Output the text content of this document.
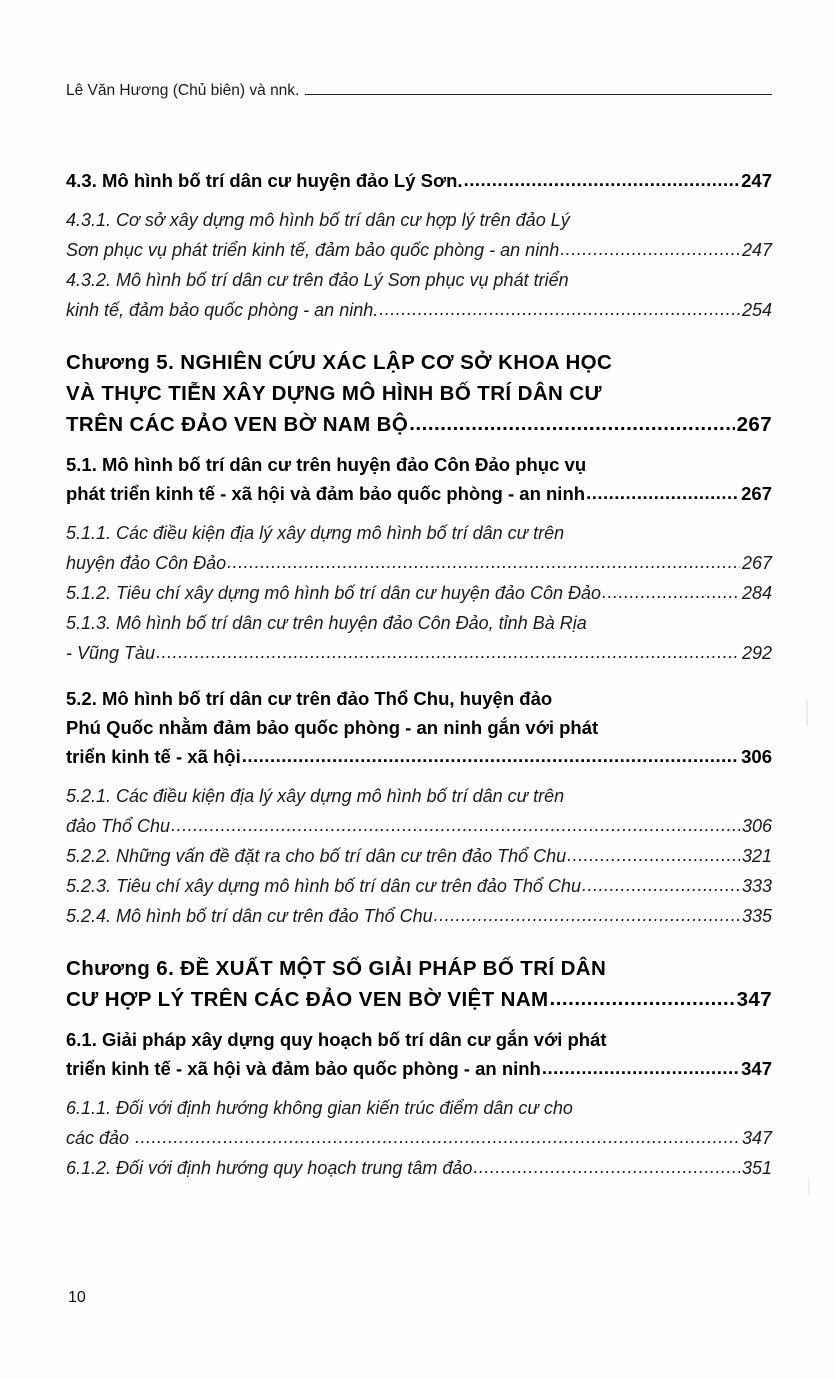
Lê Văn Hương (Chủ biên) và nnk.
4.3. Mô hình bố trí dân cư huyện đảo Lý Sơn. .....	247
4.3.1. Cơ sở xây dựng mô hình bố trí dân cư hợp lý trên đảo Lý
Sơn phục vụ phát triển kinh tế, đảm bảo quốc phòng - an ninh .....	247
4.3.2. Mô hình bố trí dân cư trên đảo Lý Sơn phục vụ phát triển
kinh tế, đảm bảo quốc phòng - an ninh. .....	254
Chương 5. NGHIÊN CỨU XÁC LẬP CƠ SỞ KHOA HỌC
VÀ THỰC TIỄN XÂY DỰNG MÔ HÌNH BỐ TRÍ DÂN CƯ
TRÊN CÁC ĐẢO VEN BỜ NAM BỘ .....	267
5.1. Mô hình bố trí dân cư trên huyện đảo Côn Đảo phục vụ
phát triển kinh tế - xã hội và đảm bảo quốc phòng - an ninh .....	267
5.1.1. Các điều kiện địa lý xây dựng mô hình bố trí dân cư trên
huyện đảo Côn Đảo .....	267
5.1.2. Tiêu chí xây dựng mô hình bố trí dân cư huyện đảo Côn Đảo .....	284
5.1.3. Mô hình bố trí dân cư trên huyện đảo Côn Đảo, tỉnh Bà Rịa
- Vũng Tàu .....	292
5.2. Mô hình bố trí dân cư trên đảo Thổ Chu, huyện đảo
Phú Quốc nhằm đảm bảo quốc phòng - an ninh gắn với phát
triển kinh tế - xã hội .....	306
5.2.1. Các điều kiện địa lý xây dựng mô hình bố trí dân cư trên
đảo Thổ Chu .....	306
5.2.2. Những vấn đề đặt ra cho bố trí dân cư trên đảo Thổ Chu .....	321
5.2.3. Tiêu chí xây dựng mô hình bố trí dân cư trên đảo Thổ Chu .....	333
5.2.4. Mô hình bố trí dân cư trên đảo Thổ Chu .....	335
Chương 6. ĐỀ XUẤT MỘT SỐ GIẢI PHÁP BỐ TRÍ DÂN
CƯ HỢP LÝ TRÊN CÁC ĐẢO VEN BỜ VIỆT NAM .....	347
6.1. Giải pháp xây dựng quy hoạch bố trí dân cư gắn với phát
triển kinh tế - xã hội và đảm bảo quốc phòng - an ninh .....	347
6.1.1. Đối với định hướng không gian kiến trúc điểm dân cư cho
các đảo .....	347
6.1.2. Đối với định hướng quy hoạch trung tâm đảo .....	351
10
